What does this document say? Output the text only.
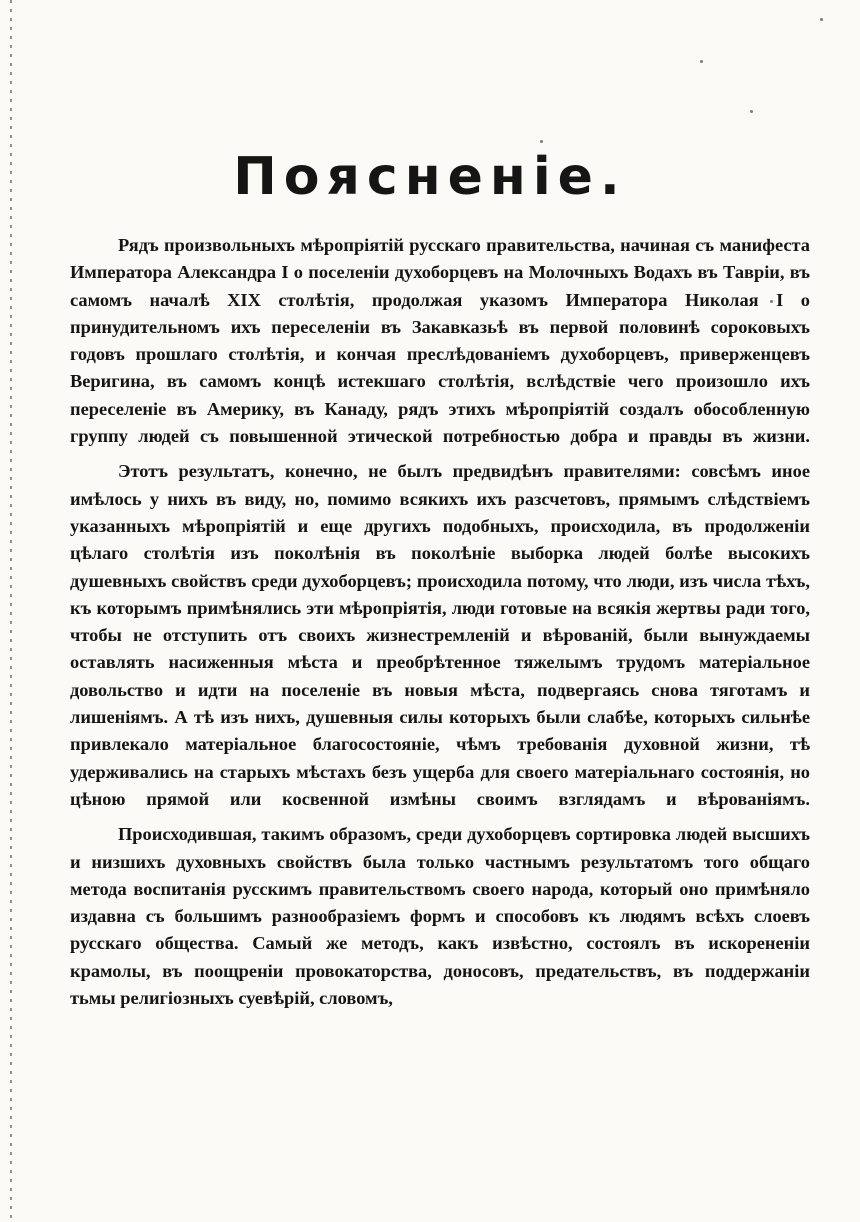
Поясненіе.

Рядъ произвольныхъ мѣропріятій русскаго правительства, начиная съ манифеста Императора Александра I о поселеніи духоборцевъ на Молочныхъ Водахъ въ Тавріи, въ самомъ началѣ XIX столѣтія, продолжая указомъ Императора Николая I о принудительномъ ихъ переселеніи въ Закавказьѣ въ первой половинѣ сороковыхъ годовъ прошлаго столѣтія, и кончая преслѣдованіемъ духоборцевъ, приверженцевъ Веригина, въ самомъ концѣ истекшаго столѣтія, вслѣдствіе чего произошло ихъ переселеніе въ Америку, въ Канаду, рядъ этихъ мѣропріятій создалъ обособленную группу людей съ повышенной этической потребностью добра и правды въ жизни.

Этотъ результатъ, конечно, не былъ предвидѣнъ правителями: совсѣмъ иное имѣлось у нихъ въ виду, но, помимо всякихъ ихъ разсчетовъ, прямымъ слѣдствіемъ указанныхъ мѣропріятій и еще другихъ подобныхъ, происходила, въ продолженіи цѣлаго столѣтія изъ поколѣнія въ поколѣніе выборка людей болѣе высокихъ душевныхъ свойствъ среди духоборцевъ; происходила потому, что люди, изъ числа тѣхъ, къ которымъ примѣнялись эти мѣропріятія, люди готовые на всякія жертвы ради того, чтобы не отступить отъ своихъ жизнестремленій и вѣрованій, были вынуждаемы оставлять насиженныя мѣста и преобрѣтенное тяжелымъ трудомъ матеріальное довольство и идти на поселеніе въ новыя мѣста, подвергаясь снова тяготамъ и лишеніямъ. А тѣ изъ нихъ, душевныя силы которыхъ были слабѣе, которыхъ сильнѣе привлекало матеріальное благосостояніе, чѣмъ требованія духовной жизни, тѣ удерживались на старыхъ мѣстахъ безъ ущерба для своего матеріальнаго состоянія, но цѣною прямой или косвенной измѣны своимъ взглядамъ и вѣрованіямъ.

Происходившая, такимъ образомъ, среди духоборцевъ сортировка людей высшихъ и низшихъ духовныхъ свойствъ была только частнымъ результатомъ того общаго метода воспитанія русскимъ правительствомъ своего народа, который оно примѣняло издавна съ большимъ разнообразіемъ формъ и способовъ къ людямъ всѣхъ слоевъ русскаго общества. Самый же методъ, какъ извѣстно, состоялъ въ искорененіи крамолы, въ поощреніи провокаторства, доносовъ, предательствъ, въ поддержаніи тьмы религіозныхъ суевѣрій, словомъ,
